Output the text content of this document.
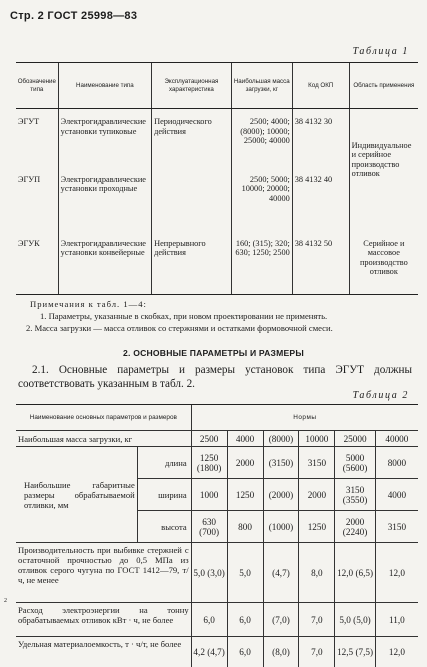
Стр. 2 ГОСТ 25998—83
Таблица 1
Обозначение типа	Наименование типа	Эксплуатационная характеристика	Наибольшая масса загрузки, кг	Код ОКП	Область применения
ЭГУТ	Электрогидравлические установки тупиковые	Периодического действия	2500; 4000; (8000); 10000; 25000; 40000	38 4132 30	
ЭГУП	Электрогидравлические установки проходные		2500; 5000; 10000; 20000; 40000	38 4132 40	Индивидуальное и серийное производство отливок
ЭГУК	Электрогидравлические установки конвейерные	Непрерывного действия	160; (315); 320; 630; 1250; 2500	38 4132 50	Серийное и массовое производство отливок
Примечания к табл. 1—4:
1. Параметры, указанные в скобках, при новом проектировании не применять.
2. Масса загрузки — масса отливок со стержнями и остатками формовочной смеси.
2. ОСНОВНЫЕ ПАРАМЕТРЫ И РАЗМЕРЫ
2.1. Основные параметры и размеры установок типа ЭГУТ должны соответствовать указанным в табл. 2.
Таблица 2
Наименование основных параметров и размеров		Нормы					
Наибольшая масса загрузки, кг		2500	4000	(8000)	10000	25000	40000
Наибольшие габаритные размеры обрабатываемой отливки, мм	длина	1250 (1800)	2000	(3150)	3150	5000 (5600)	8000
	ширина	1000	1250	(2000)	2000	3150 (3550)	4000
	высота	630 (700)	800	(1000)	1250	2000 (2240)	3150
Производительность при выбивке стержней с остаточной прочностью до 0,5 МПа из отливок серого чугуна по ГОСТ 1412—79, т/ч, не менее		5,0 (3,0)	5,0	(4,7)	8,0	12,0 (6,5)	12,0
Расход электроэнергии на тонну обрабатываемых отливок кВт · ч, не более		6,0	6,0	(7,0)	7,0	5,0 (5,0)	11,0
Удельная материалоемкость, т · ч/т, не более		4,2 (4,7)	6,0	(8,0)	7,0	12,5 (7,5)	12,0
2
